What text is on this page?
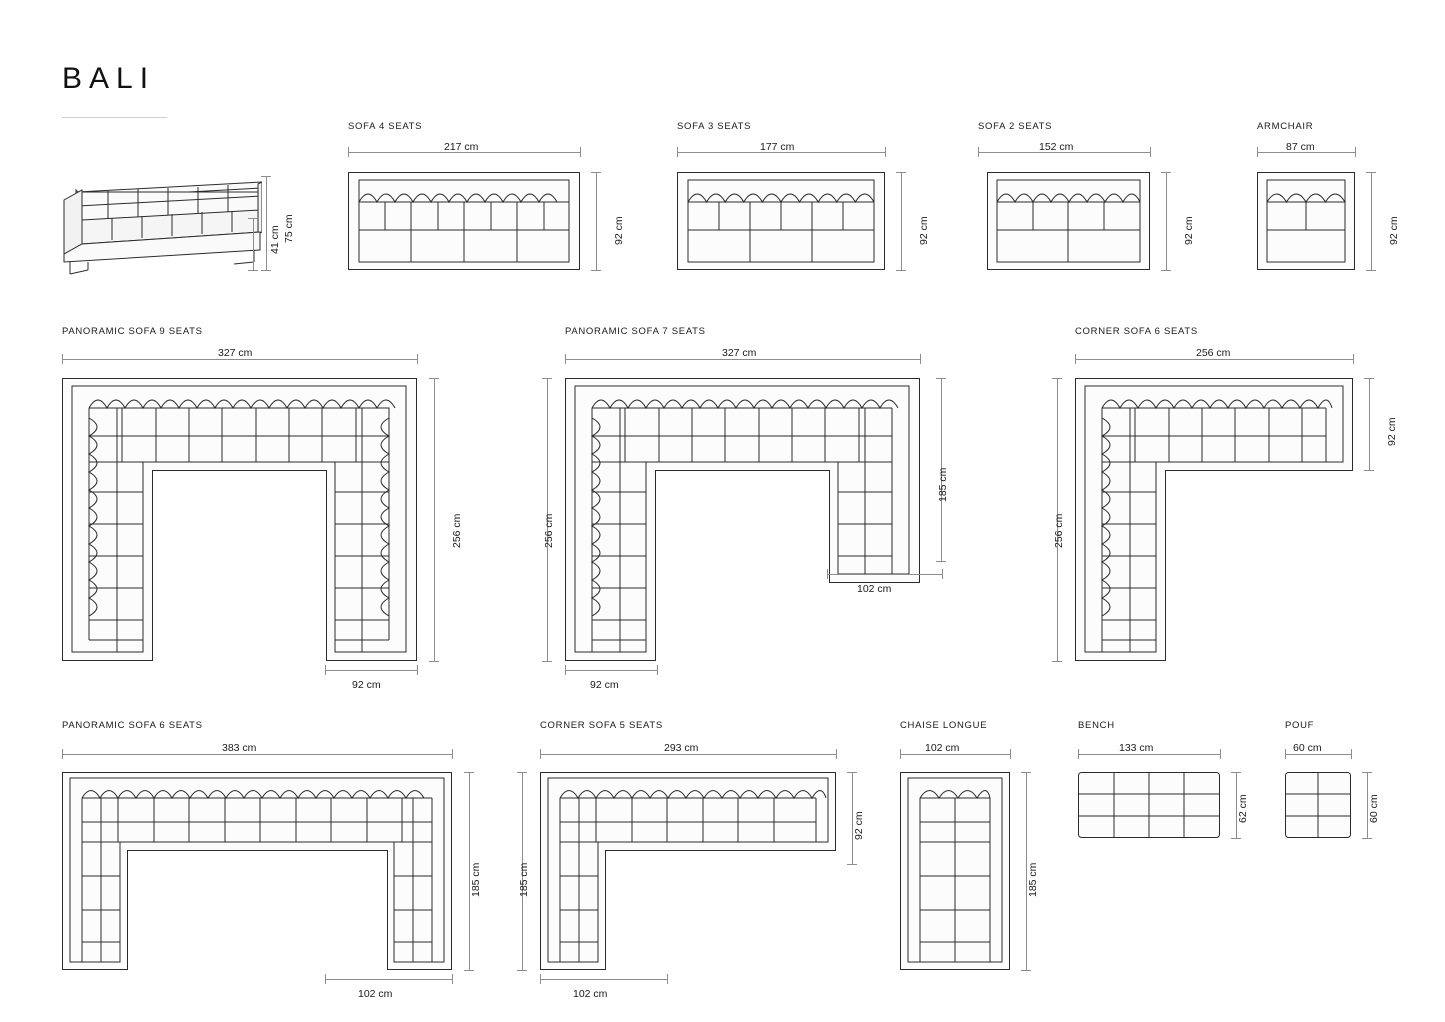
BALI
75 cm
41 cm
SOFA 4 SEATS
217 cm
92 cm
SOFA 3 SEATS
177 cm
92 cm
SOFA 2 SEATS
152 cm
92 cm
ARMCHAIR
87 cm
92 cm
PANORAMIC SOFA 9 SEATS
327 cm
256 cm
92 cm
PANORAMIC SOFA 7 SEATS
327 cm
256 cm
185 cm
102 cm
92 cm
CORNER SOFA 6 SEATS
256 cm
92 cm
256 cm
PANORAMIC SOFA 6 SEATS
383 cm
185 cm
102 cm
CORNER SOFA 5 SEATS
293 cm
92 cm
185 cm
102 cm
CHAISE LONGUE
102 cm
185 cm
BENCH
133 cm
62 cm
POUF
60 cm
60 cm
